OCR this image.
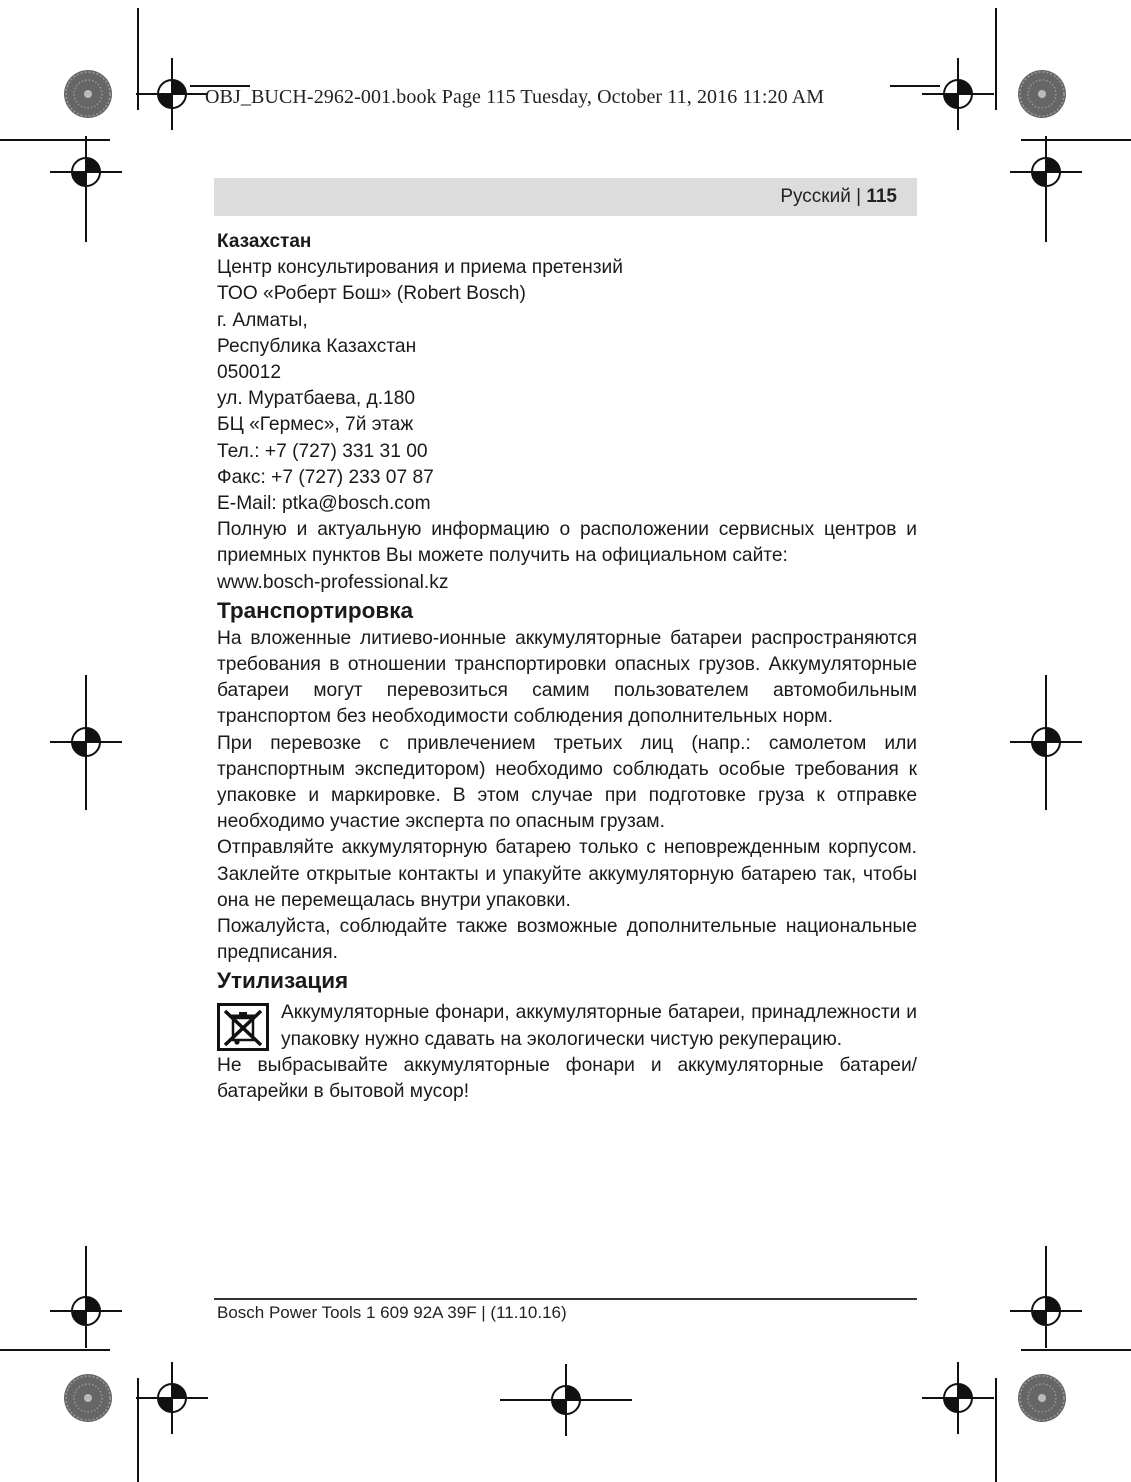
OBJ_BUCH-2962-001.book Page 115 Tuesday, October 11, 2016 11:20 AM
Русский | 115

Казахстан

Центр консультирования и приема претензий

ТОО «Роберт Бош» (Robert Bosch)

г. Алматы,

Республика Казахстан

050012

ул. Муратбаева, д.180

БЦ «Гермес», 7й этаж

Тел.: +7 (727) 331 31 00

Факс: +7 (727) 233 07 87

E-Mail: ptka@bosch.com

Полную и актуальную информацию о расположении сервисных центров и приемных пунктов Вы можете получить на официальном сайте:

www.bosch-professional.kz

Транспортировка

На вложенные литиево-ионные аккумуляторные батареи распространяются требования в отношении транспортировки опасных грузов. Аккумуляторные батареи могут перевозиться самим пользователем автомобильным транспортом без необходимости соблюдения дополнительных норм.

При перевозке с привлечением третьих лиц (напр.: самолетом или транспортным экспедитором) необходимо соблюдать особые требования к упаковке и маркировке. В этом случае при подготовке груза к отправке необходимо участие эксперта по опасным грузам.

Отправляйте аккумуляторную батарею только с неповрежденным корпусом. Заклейте открытые контакты и упакуйте аккумуляторную батарею так, чтобы она не перемещалась внутри упаковки.

Пожалуйста, соблюдайте также возможные дополнительные национальные предписания.

Утилизация

Аккумуляторные фонари, аккумуляторные батареи, принадлежности и упаковку нужно сдавать на экологически чистую рекуперацию.

Не выбрасывайте аккумуляторные фонари и аккумуляторные батареи/батарейки в бытовой мусор!

Bosch Power Tools 1 609 92A 39F | (11.10.16)
